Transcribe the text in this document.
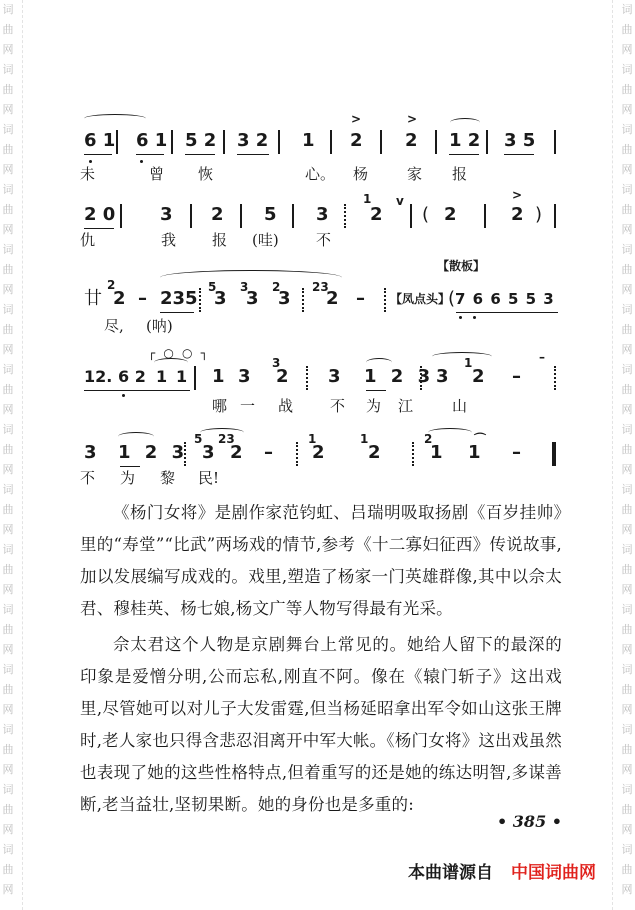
词
曲
网
词
曲
网
词
曲
网
词
曲
网
词
曲
网
词
曲
网
词
曲
网
词
曲
网
词
曲
网
词
曲
网
词
曲
网
词
曲
网
词
曲
网
词
曲
网
词
曲
网
词
曲
网
词
曲
网
词
曲
网
词
曲
网
词
曲
网
词
曲
网
词
曲
网
词
曲
网
词
曲
网
词
曲
网
词
曲
网
词
曲
网
词
曲
网
词
曲
网
词
曲
网
6 1 6 1 5 2 3 2 1
>
2
>
2 1 2 3 5
未	曾 恢	心。 杨	家 报
2 0 3 2 5 3
1
2
v
( 2
>
2 )
仇	我 报 (哇) 不
【散板】
廿
2
2 – 235
5
3
3
3
2
3
23
2 – 【凤点头】
( 7 6 6 5 5 3
尽, (呐)
┌ ○ ○ ┐
12. 6 2 1 1 1 3
3
2 3 1 2 3 3
1
2 –
–
哪 一 战 不 为 江	山
3 1 2 3
5
3
23
2 –
1
2
1
2
2
1
⌒
1 –
不 为 黎 民!

《杨门女将》是剧作家范钧虹、吕瑞明吸取扬剧《百岁挂帅》里的“寿堂”“比武”两场戏的情节,参考《十二寡妇征西》传说故事,加以发展编写成戏的。戏里,塑造了杨家一门英雄群像,其中以佘太君、穆桂英、杨七娘,杨文广等人物写得最有光采。

佘太君这个人物是京剧舞台上常见的。她给人留下的最深的印象是爱憎分明,公而忘私,刚直不阿。像在《辕门斩子》这出戏里,尽管她可以对儿子大发雷霆,但当杨延昭拿出军令如山这张王牌时,老人家也只得含悲忍泪离开中军大帐。《杨门女将》这出戏虽然也表现了她的这些性格特点,但着重写的还是她的练达明智,多谋善断,老当益壮,坚韧果断。她的身份也是多重的:

• 385 •
本曲谱源自 中国词曲网
